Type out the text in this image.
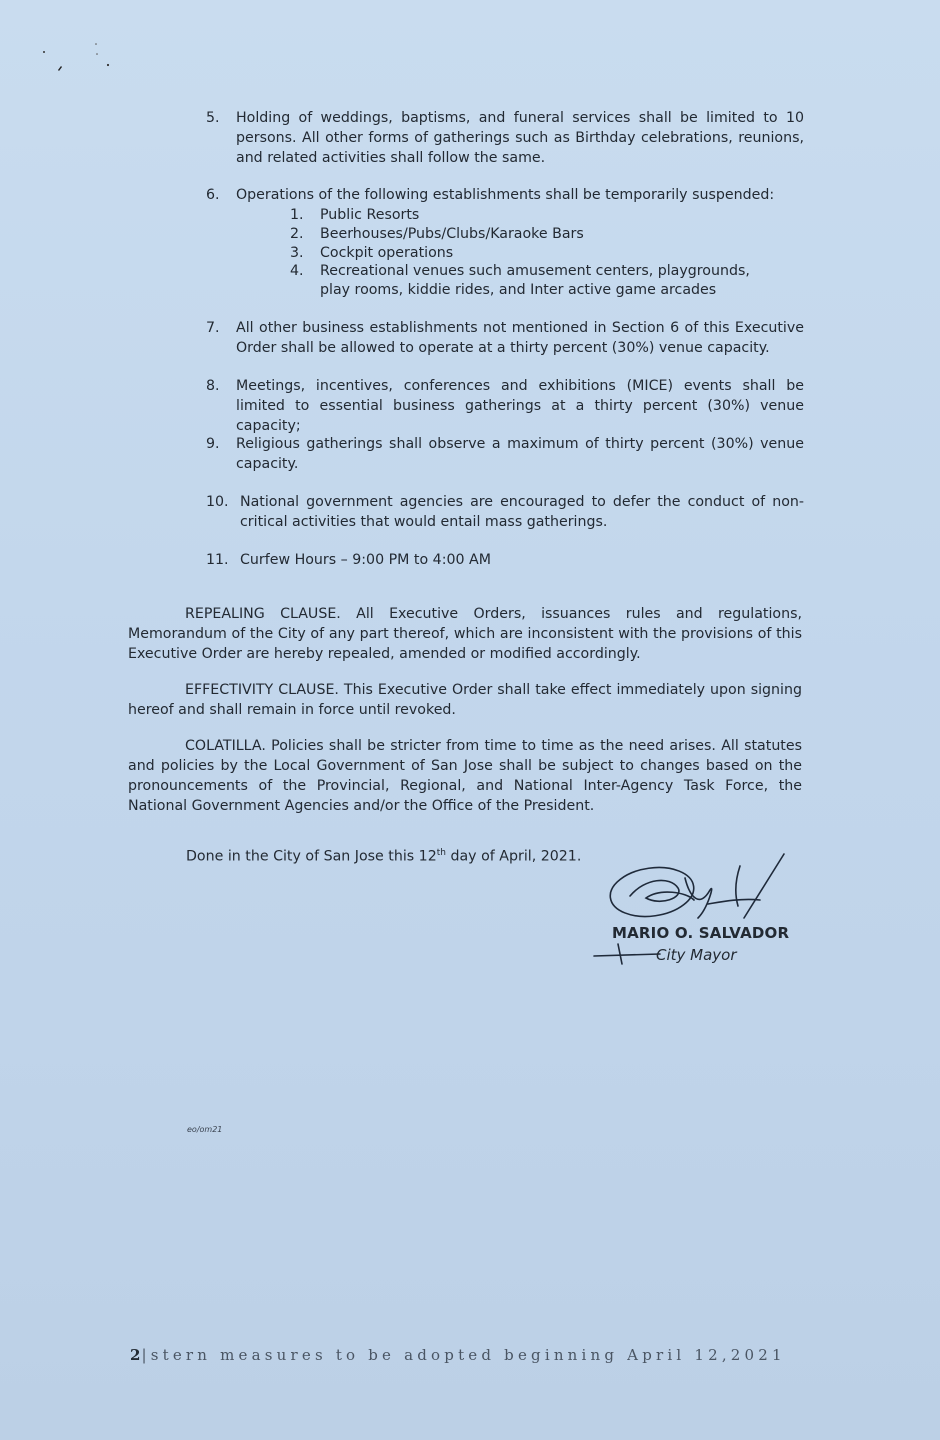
5. Holding of weddings, baptisms, and funeral services shall be limited to 10 persons. All other forms of gatherings such as Birthday celebrations, reunions, and related activities shall follow the same.
6. Operations of the following establishments shall be temporarily suspended:
1. Public Resorts
2. Beerhouses/Pubs/Clubs/Karaoke Bars
3. Cockpit operations
4. Recreational venues such amusement centers, playgrounds, play rooms, kiddie rides, and Inter active game arcades
7. All other business establishments not mentioned in Section 6 of this Executive Order shall be allowed to operate at a thirty percent (30%) venue capacity.
8. Meetings, incentives, conferences and exhibitions (MICE) events shall be limited to essential business gatherings at a thirty percent (30%) venue capacity;
9. Religious gatherings shall observe a maximum of thirty percent (30%) venue capacity.
10. National government agencies are encouraged to defer the conduct of non-critical activities that would entail mass gatherings.
11. Curfew Hours – 9:00 PM to 4:00 AM
REPEALING CLAUSE. All Executive Orders, issuances rules and regulations, Memorandum of the City of any part thereof, which are inconsistent with the provisions of this Executive Order are hereby repealed, amended or modified accordingly.
EFFECTIVITY CLAUSE. This Executive Order shall take effect immediately upon signing hereof and shall remain in force until revoked.
COLATILLA. Policies shall be stricter from time to time as the need arises. All statutes and policies by the Local Government of San Jose shall be subject to changes based on the pronouncements of the Provincial, Regional, and National Inter-Agency Task Force, the National Government Agencies and/or the Office of the President.
Done in the City of San Jose this 12th day of April, 2021.
MARIO O. SALVADOR
City Mayor
eo/om21
2|stern measures to be adopted beginning April 12,2021
